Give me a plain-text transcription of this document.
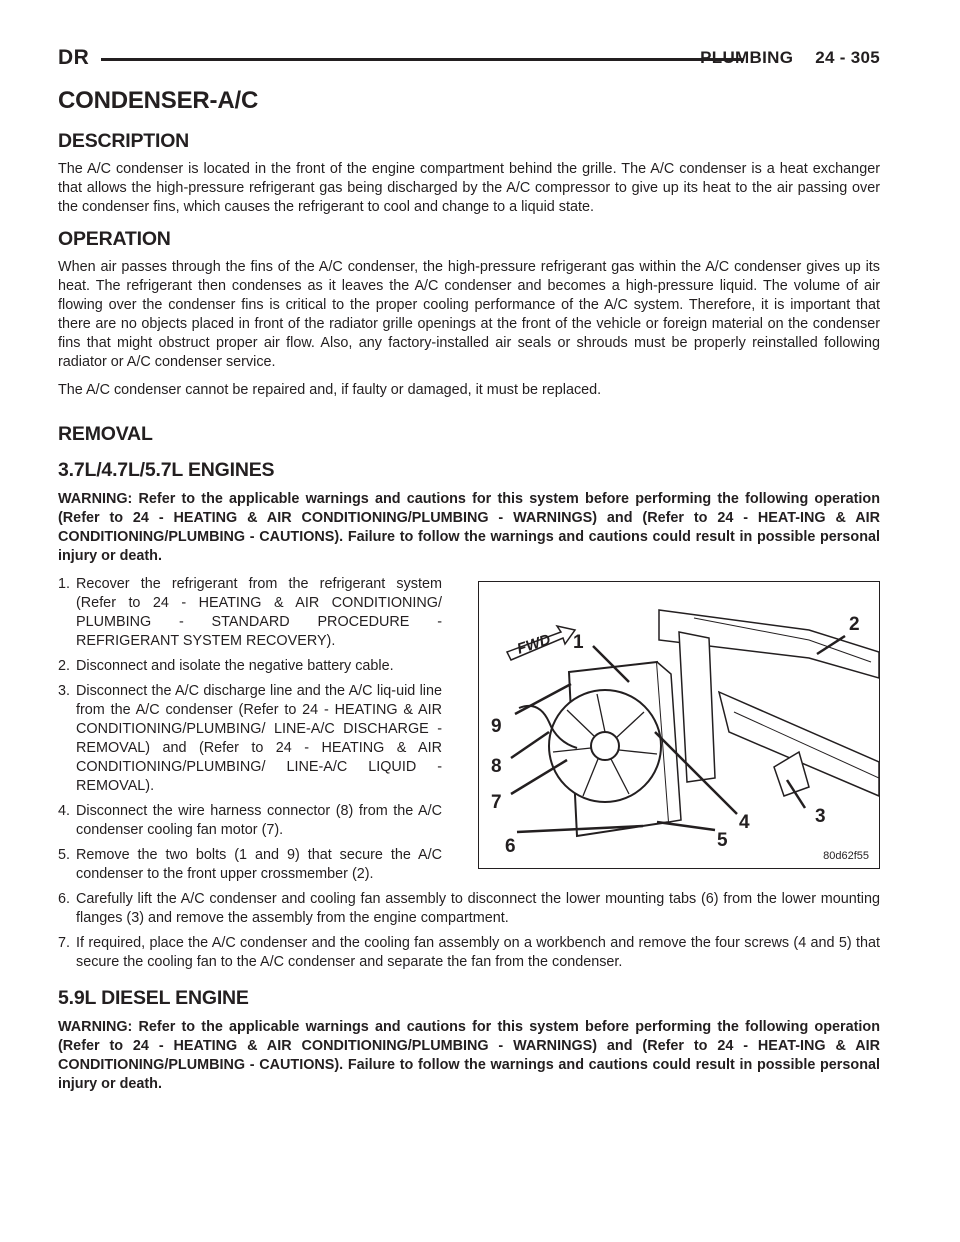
DR	PLUMBING 24 - 305
CONDENSER-A/C
DESCRIPTION

The A/C condenser is located in the front of the engine compartment behind the grille. The A/C condenser is a heat exchanger that allows the high-pressure refrigerant gas being discharged by the A/C compressor to give up its heat to the air passing over the condenser fins, which causes the refrigerant to cool and change to a liquid state.

OPERATION

When air passes through the fins of the A/C condenser, the high-pressure refrigerant gas within the A/C condenser gives up its heat. The refrigerant then condenses as it leaves the A/C condenser and becomes a high-pressure liquid. The volume of air flowing over the condenser fins is critical to the proper cooling performance of the A/C system. Therefore, it is important that there are no objects placed in front of the radiator grille openings at the front of the vehicle or foreign material on the condenser fins that might obstruct proper air flow. Also, any factory-installed air seals or shrouds must be properly reinstalled following radiator or A/C condenser service.

The A/C condenser cannot be repaired and, if faulty or damaged, it must be replaced.

REMOVAL
3.7L/4.7L/5.7L ENGINES

WARNING: Refer to the applicable warnings and cautions for this system before performing the following operation (Refer to 24 - HEATING & AIR CONDITIONING/PLUMBING - WARNINGS) and (Refer to 24 - HEAT-ING & AIR CONDITIONING/PLUMBING - CAUTIONS). Failure to follow the warnings and cautions could result in possible personal injury or death.

FWD 1
2
3
4
5
6
7
8
9
80d62f55
1. Recover the refrigerant from the refrigerant system (Refer to 24 - HEATING & AIR CONDITIONING/ PLUMBING - STANDARD PROCEDURE - REFRIGERANT SYSTEM RECOVERY).
2. Disconnect and isolate the negative battery cable.
3. Disconnect the A/C discharge line and the A/C liq-uid line from the A/C condenser (Refer to 24 - HEATING & AIR CONDITIONING/PLUMBING/ LINE-A/C DISCHARGE - REMOVAL) and (Refer to 24 - HEATING & AIR CONDITIONING/PLUMBING/ LINE-A/C LIQUID - REMOVAL).
4. Disconnect the wire harness connector (8) from the A/C condenser cooling fan motor (7).
5. Remove the two bolts (1 and 9) that secure the A/C condenser to the front upper crossmember (2).
6. Carefully lift the A/C condenser and cooling fan assembly to disconnect the lower mounting tabs (6) from the lower mounting flanges (3) and remove the assembly from the engine compartment.
7. If required, place the A/C condenser and the cooling fan assembly on a workbench and remove the four screws (4 and 5) that secure the cooling fan to the A/C condenser and separate the fan from the condenser.
5.9L DIESEL ENGINE

WARNING: Refer to the applicable warnings and cautions for this system before performing the following operation (Refer to 24 - HEATING & AIR CONDITIONING/PLUMBING - WARNINGS) and (Refer to 24 - HEAT-ING & AIR CONDITIONING/PLUMBING - CAUTIONS). Failure to follow the warnings and cautions could result in possible personal injury or death.
